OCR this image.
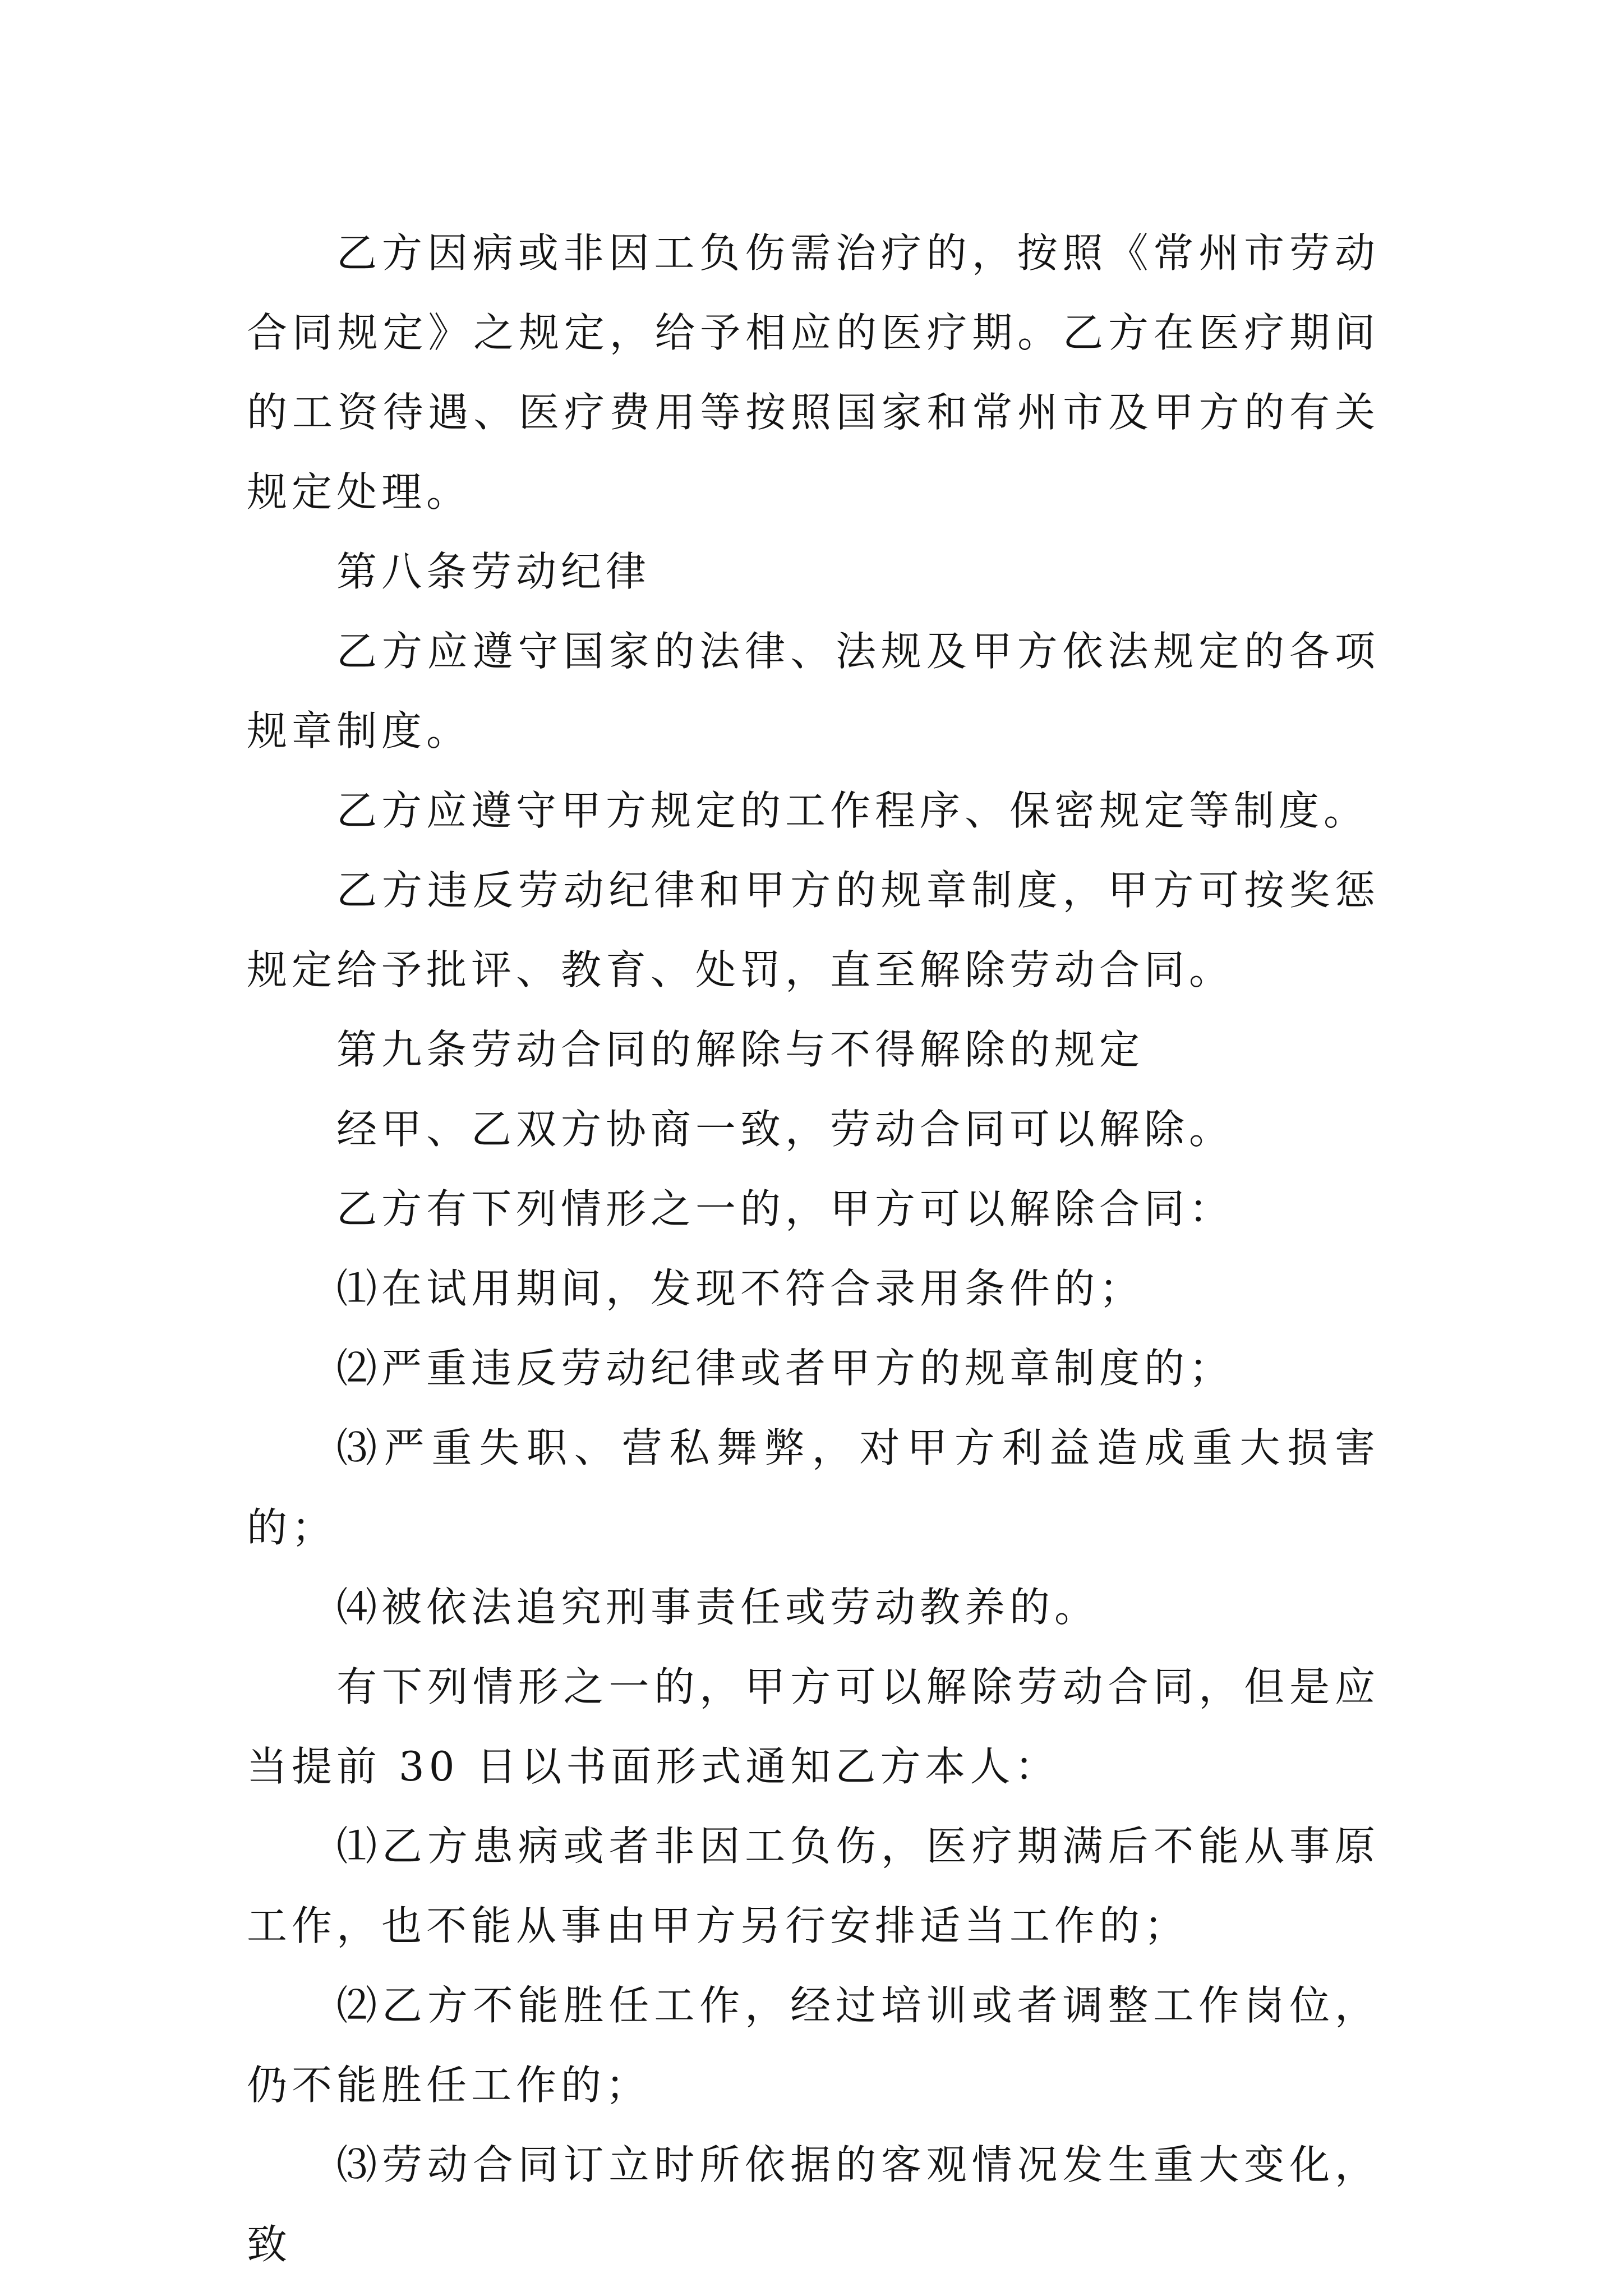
乙方因病或非因工负伤需治疗的，按照《常州市劳动合同规定》之规定，给予相应的医疗期。乙方在医疗期间的工资待遇、医疗费用等按照国家和常州市及甲方的有关规定处理。

第八条劳动纪律

乙方应遵守国家的法律、法规及甲方依法规定的各项规章制度。

乙方应遵守甲方规定的工作程序、保密规定等制度。

乙方违反劳动纪律和甲方的规章制度，甲方可按奖惩规定给予批评、教育、处罚，直至解除劳动合同。

第九条劳动合同的解除与不得解除的规定

经甲、乙双方协商一致，劳动合同可以解除。

乙方有下列情形之一的，甲方可以解除合同：

⑴在试用期间，发现不符合录用条件的；

⑵严重违反劳动纪律或者甲方的规章制度的；

⑶严重失职、营私舞弊，对甲方利益造成重大损害的；

⑷被依法追究刑事责任或劳动教养的。

有下列情形之一的，甲方可以解除劳动合同，但是应当提前 30 日以书面形式通知乙方本人：

⑴乙方患病或者非因工负伤，医疗期满后不能从事原工作，也不能从事由甲方另行安排适当工作的；

⑵乙方不能胜任工作，经过培训或者调整工作岗位，仍不能胜任工作的；

⑶劳动合同订立时所依据的客观情况发生重大变化，致
